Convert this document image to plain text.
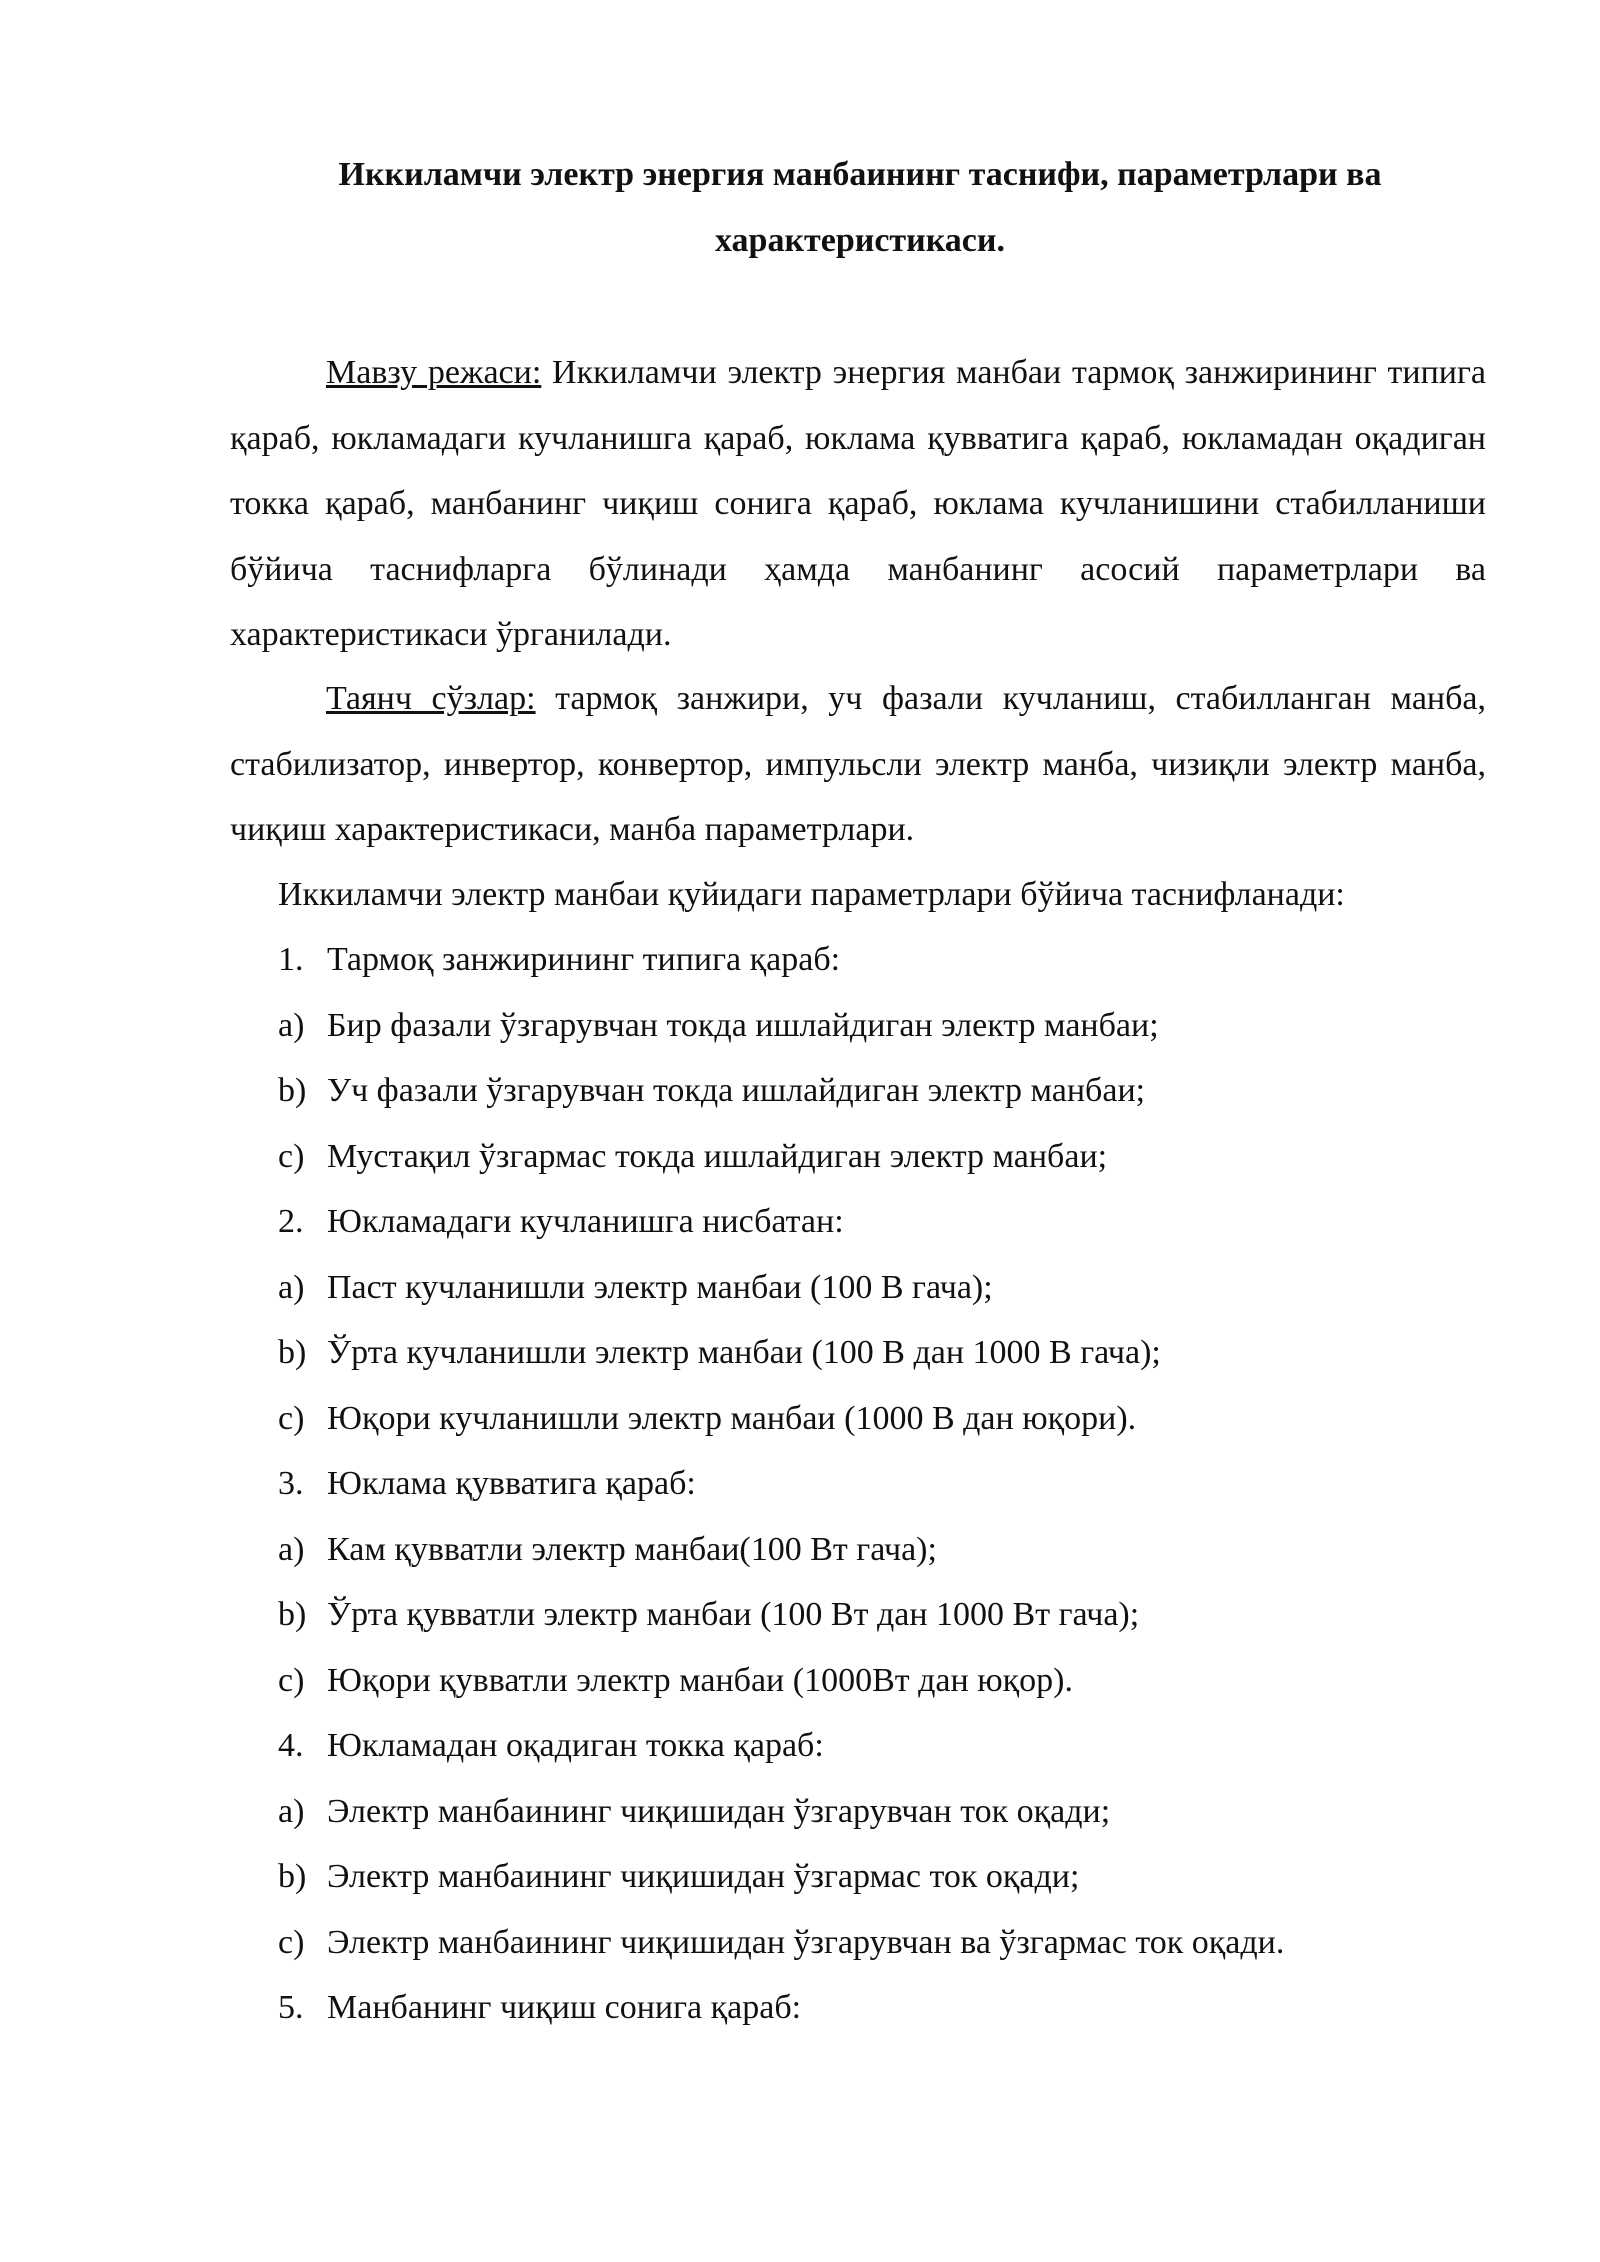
Иккиламчи электр энергия манбаининг таснифи, параметрлари ва характеристикаси.

Мавзу режаси: Иккиламчи электр энергия манбаи тармоқ занжирининг типига қараб, юкламадаги кучланишга қараб, юклама қувватига қараб, юкламадан оқадиган токка қараб, манбанинг чиқиш сонига қараб, юклама кучланишини стабилланиши бўйича таснифларга бўлинади ҳамда манбанинг асосий параметрлари ва характеристикаси ўрганилади.

Таянч сўзлар: тармоқ занжири, уч фазали кучланиш, стабилланган манба, стабилизатор, инвертор, конвертор, импульсли электр манба, чизиқли электр манба, чиқиш характеристикаси, манба параметрлари.

Иккиламчи электр манбаи қуйидаги параметрлари бўйича таснифланади:

1. Тармоқ занжирининг типига қараб:
a) Бир фазали ўзгарувчан токда ишлайдиган электр манбаи;
b) Уч фазали ўзгарувчан токда ишлайдиган электр манбаи;
c) Мустақил ўзгармас токда ишлайдиган электр манбаи;
2. Юкламадаги кучланишга нисбатан:
a) Паст кучланишли электр манбаи (100 В гача);
b) Ўрта кучланишли электр манбаи (100 В дан 1000 В гача);
c) Юқори кучланишли электр манбаи (1000 В дан юқори).
3. Юклама қувватига қараб:
a) Кам қувватли электр манбаи(100 Вт гача);
b) Ўрта қувватли электр манбаи (100 Вт дан 1000 Вт гача);
c) Юқори қувватли электр манбаи (1000Вт дан юқор).
4. Юкламадан оқадиган токка қараб:
a) Электр манбаининг чиқишидан ўзгарувчан ток оқади;
b) Электр манбаининг чиқишидан ўзгармас ток оқади;
c) Электр манбаининг чиқишидан ўзгарувчан ва ўзгармас ток оқади.
5. Манбанинг чиқиш сонига қараб:
